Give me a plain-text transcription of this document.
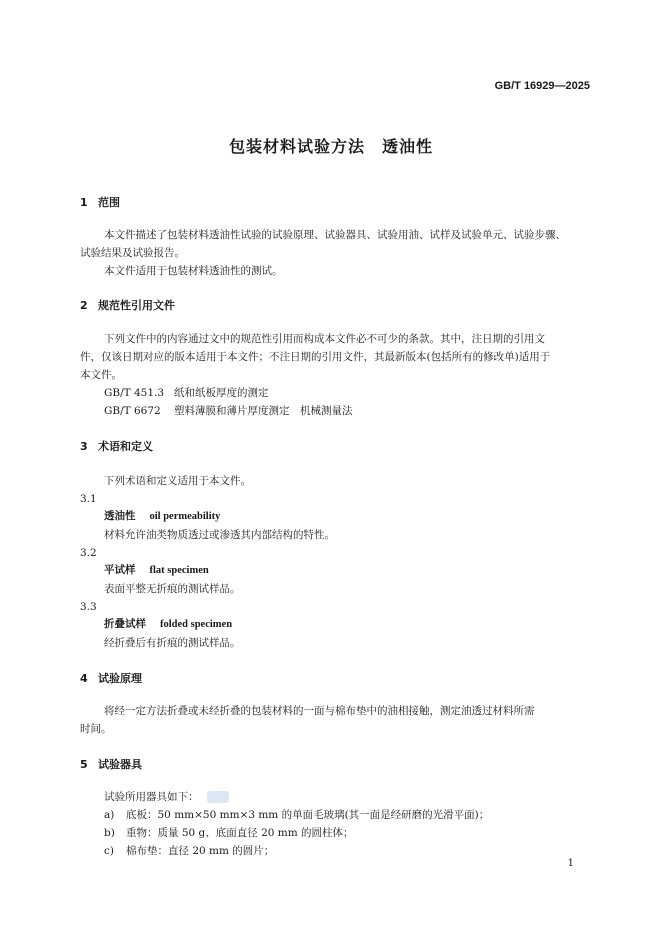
GB/T 16929—2025
包装材料试验方法　透油性
1 范围
本文件描述了包装材料透油性试验的试验原理、试验器具、试验用油、试样及试验单元、试验步骤、
试验结果及试验报告。
本文件适用于包装材料透油性的测试。
2 规范性引用文件
下列文件中的内容通过文中的规范性引用而构成本文件必不可少的条款。其中，注日期的引用文
件，仅该日期对应的版本适用于本文件；不注日期的引用文件，其最新版本(包括所有的修改单)适用于
本文件。
GB/T 451.3 纸和纸板厚度的测定
GB/T 6672 塑料薄膜和薄片厚度测定　机械测量法
3 术语和定义
下列术语和定义适用于本文件。
3.1
透油性 oil permeability
材料允许油类物质透过或渗透其内部结构的特性。
3.2
平试样 flat specimen
表面平整无折痕的测试样品。
3.3
折叠试样 folded specimen
经折叠后有折痕的测试样品。
4 试验原理
将经一定方法折叠或未经折叠的包装材料的一面与棉布垫中的油相接触，测定油透过材料所需
时间。
5 试验器具
试验所用器具如下：
a) 底板：50 mm×50 mm×3 mm 的单面毛玻璃(其一面是经研磨的光滑平面)；
b) 重物：质量 50 g、底面直径 20 mm 的圆柱体；
c) 棉布垫：直径 20 mm 的圆片；
1
